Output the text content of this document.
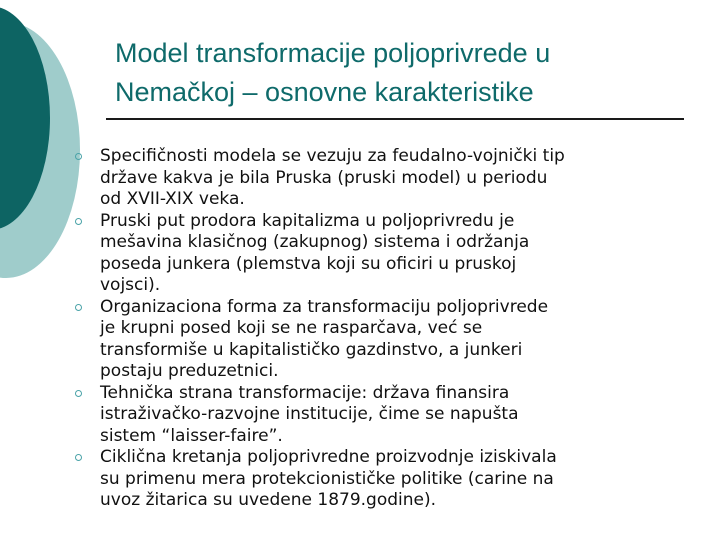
Model transformacije poljoprivrede u
Nemačkoj – osnovne karakteristike
Specifičnosti modela se vezuju za feudalno-vojnički tip
države kakva je bila Pruska (pruski model) u periodu
od XVII-XIX veka.
Pruski put prodora kapitalizma u poljoprivredu je
mešavina klasičnog (zakupnog) sistema i održanja
poseda junkera (plemstva koji su oficiri u pruskoj
vojsci).
Organizaciona forma za transformaciju poljoprivrede
je krupni posed koji se ne rasparčava, već se
transformiše u kapitalističko gazdinstvo, a junkeri
postaju preduzetnici.
Tehnička strana transformacije: država finansira
istraživačko-razvojne institucije, čime se napušta
sistem “laisser-faire”.
Ciklična kretanja poljoprivredne proizvodnje iziskivala
su primenu mera protekcionističke politike (carine na
uvoz žitarica su uvedene 1879.godine).
